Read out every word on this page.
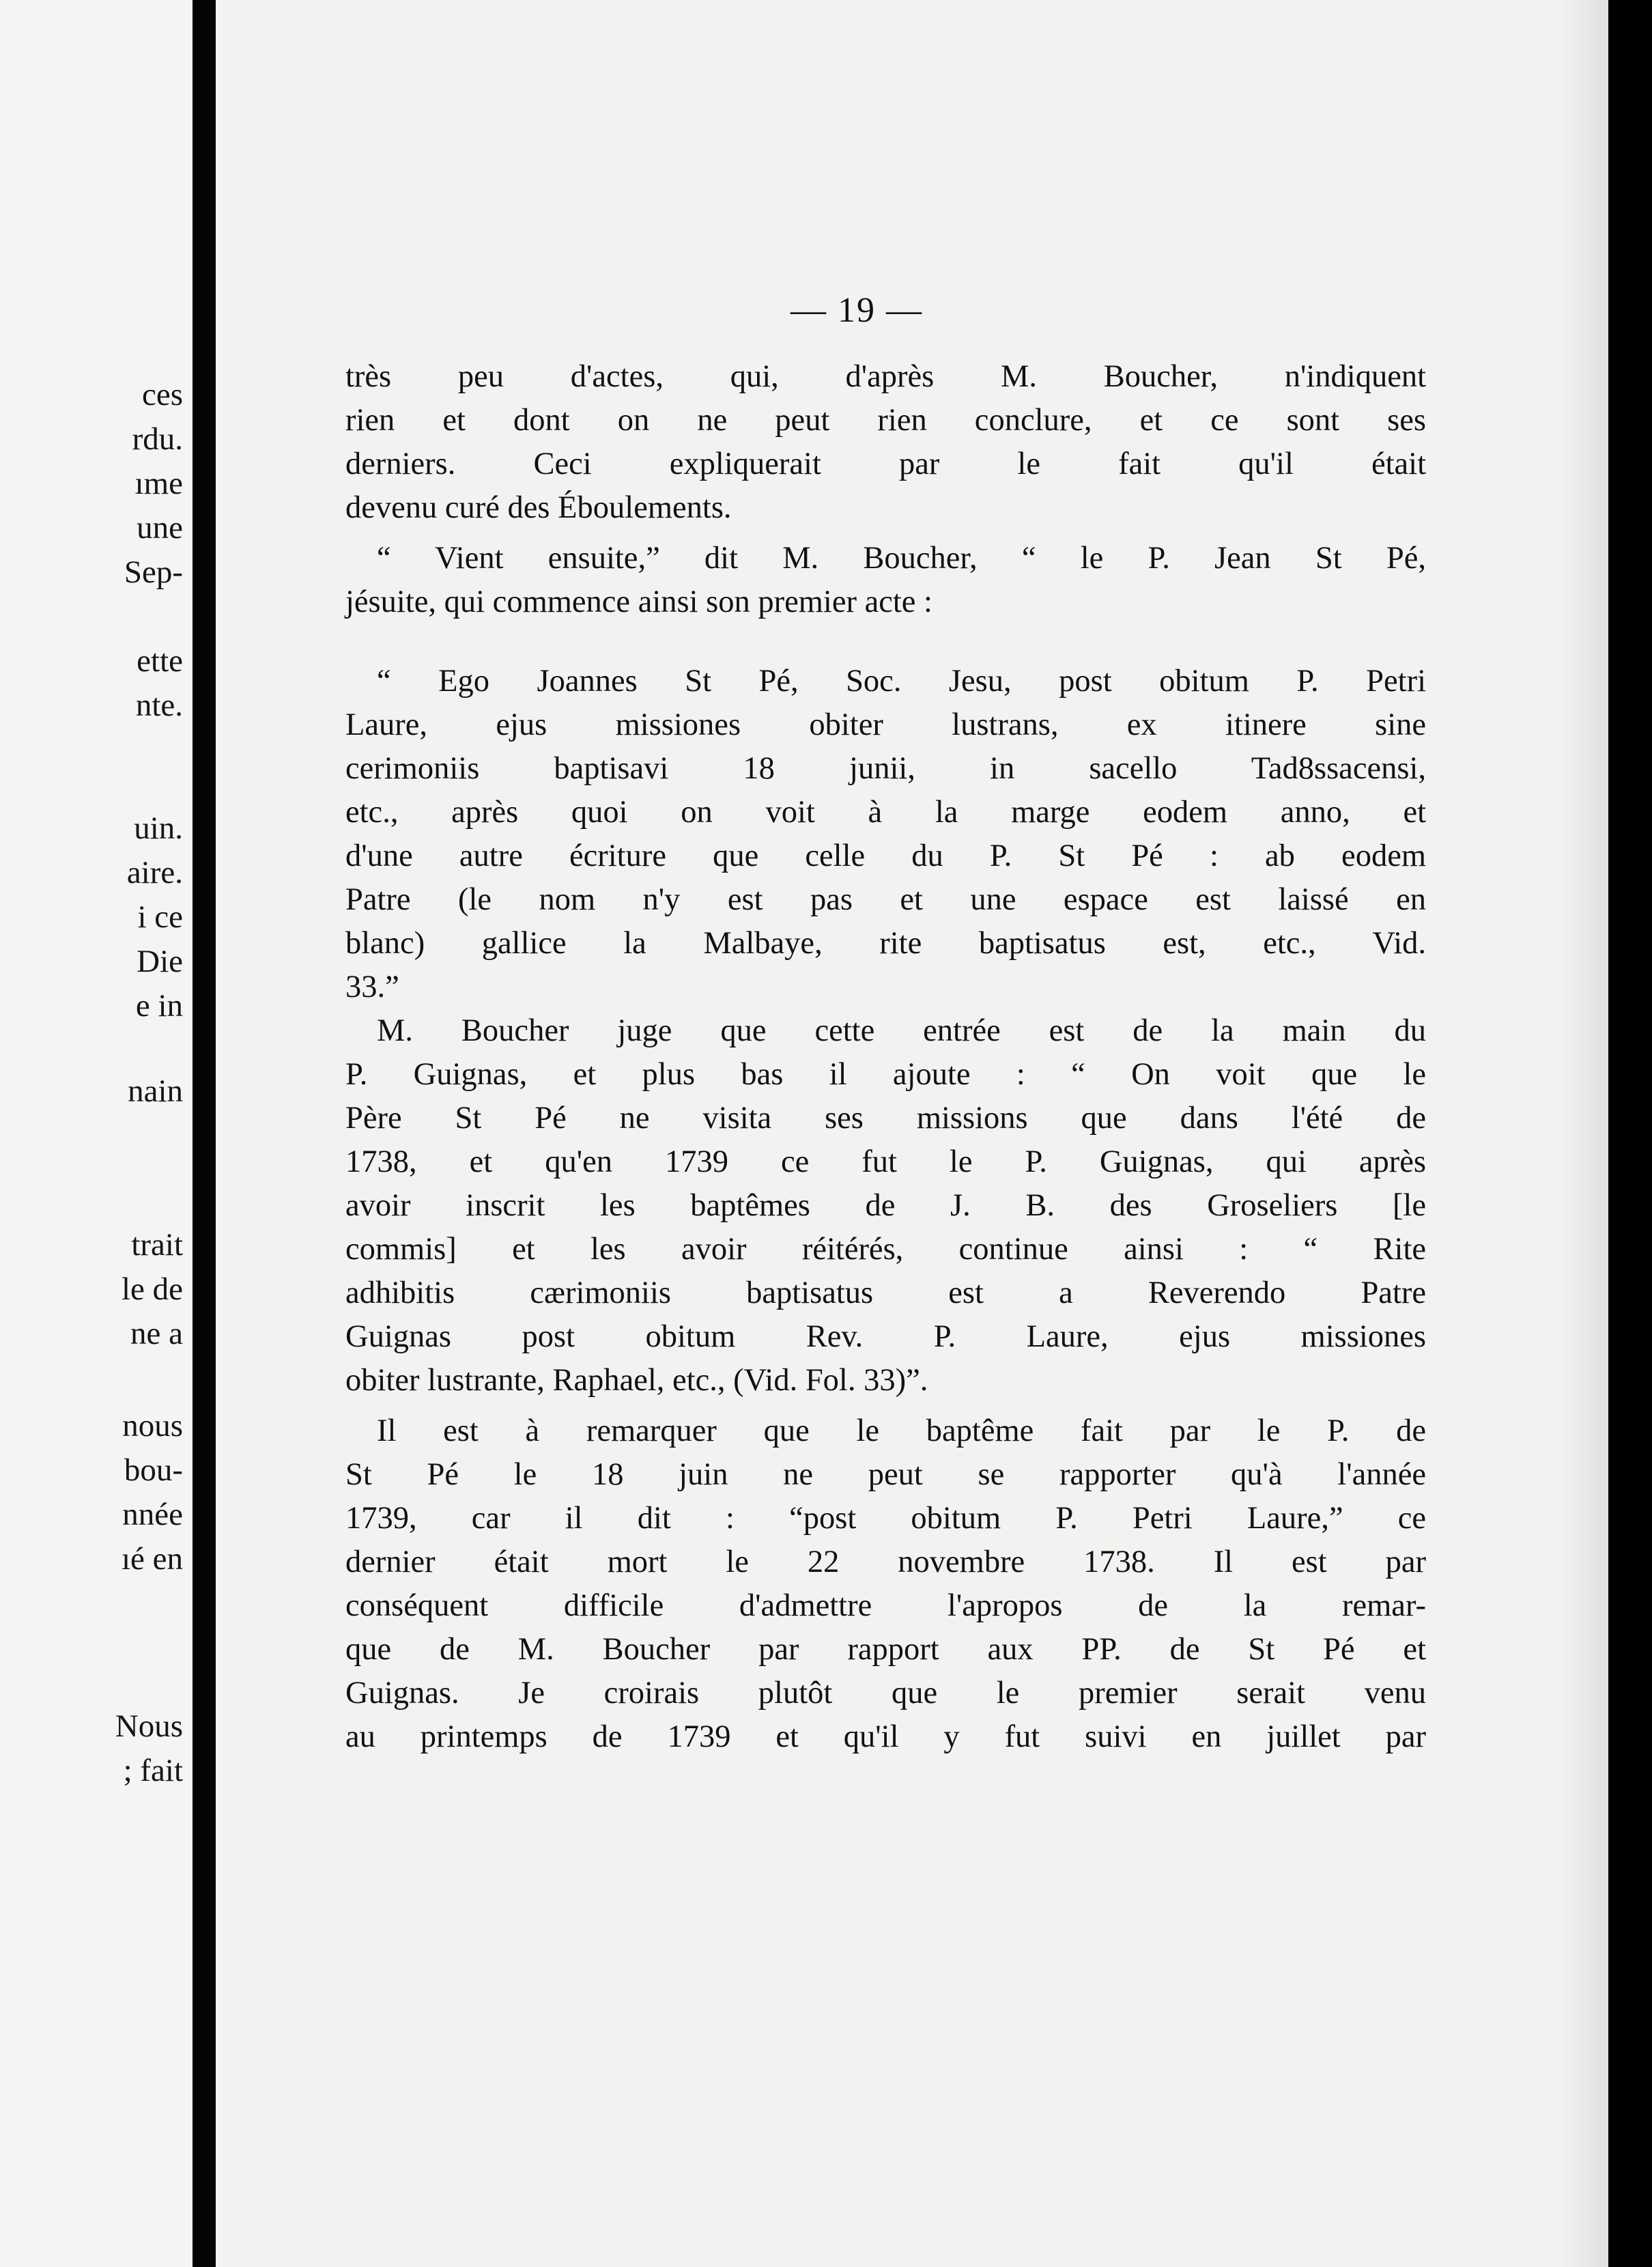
ces
rdu.
ıme
une
Sep-
ette
nte.
uin.
aire.
i ce
Die
e in
nain
trait
le de
ne a
nous
bou-
nnée
ıé en
Nous
; fait
— 19 —
très peu d'actes, qui, d'après M. Boucher, n'indiquent
rien et dont on ne peut rien conclure, et ce sont ses
derniers. Ceci expliquerait par le fait qu'il était
devenu curé des Éboulements.
“ Vient ensuite,” dit M. Boucher, “ le P. Jean St Pé,
jésuite, qui commence ainsi son premier acte :
“ Ego Joannes St Pé, Soc. Jesu, post obitum P. Petri
Laure, ejus missiones obiter lustrans, ex itinere sine
cerimoniis baptisavi 18 junii, in sacello Tad8ssacensi,
etc., après quoi on voit à la marge eodem anno, et
d'une autre écriture que celle du P. St Pé : ab eodem
Patre (le nom n'y est pas et une espace est laissé en
blanc) gallice la Malbaye, rite baptisatus est, etc., Vid.
33.”
M. Boucher juge que cette entrée est de la main du
P. Guignas, et plus bas il ajoute : “ On voit que le
Père St Pé ne visita ses missions que dans l'été de
1738, et qu'en 1739 ce fut le P. Guignas, qui après
avoir inscrit les baptêmes de J. B. des Groseliers [le
commis] et les avoir réitérés, continue ainsi : “ Rite
adhibitis cærimoniis baptisatus est a Reverendo Patre
Guignas post obitum Rev. P. Laure, ejus missiones
obiter lustrante, Raphael, etc., (Vid. Fol. 33)”.
Il est à remarquer que le baptême fait par le P. de
St Pé le 18 juin ne peut se rapporter qu'à l'année
1739, car il dit : “post obitum P. Petri Laure,” ce
dernier était mort le 22 novembre 1738. Il est par
conséquent difficile d'admettre l'apropos de la remar-
que de M. Boucher par rapport aux PP. de St Pé et
Guignas. Je croirais plutôt que le premier serait venu
au printemps de 1739 et qu'il y fut suivi en juillet par
